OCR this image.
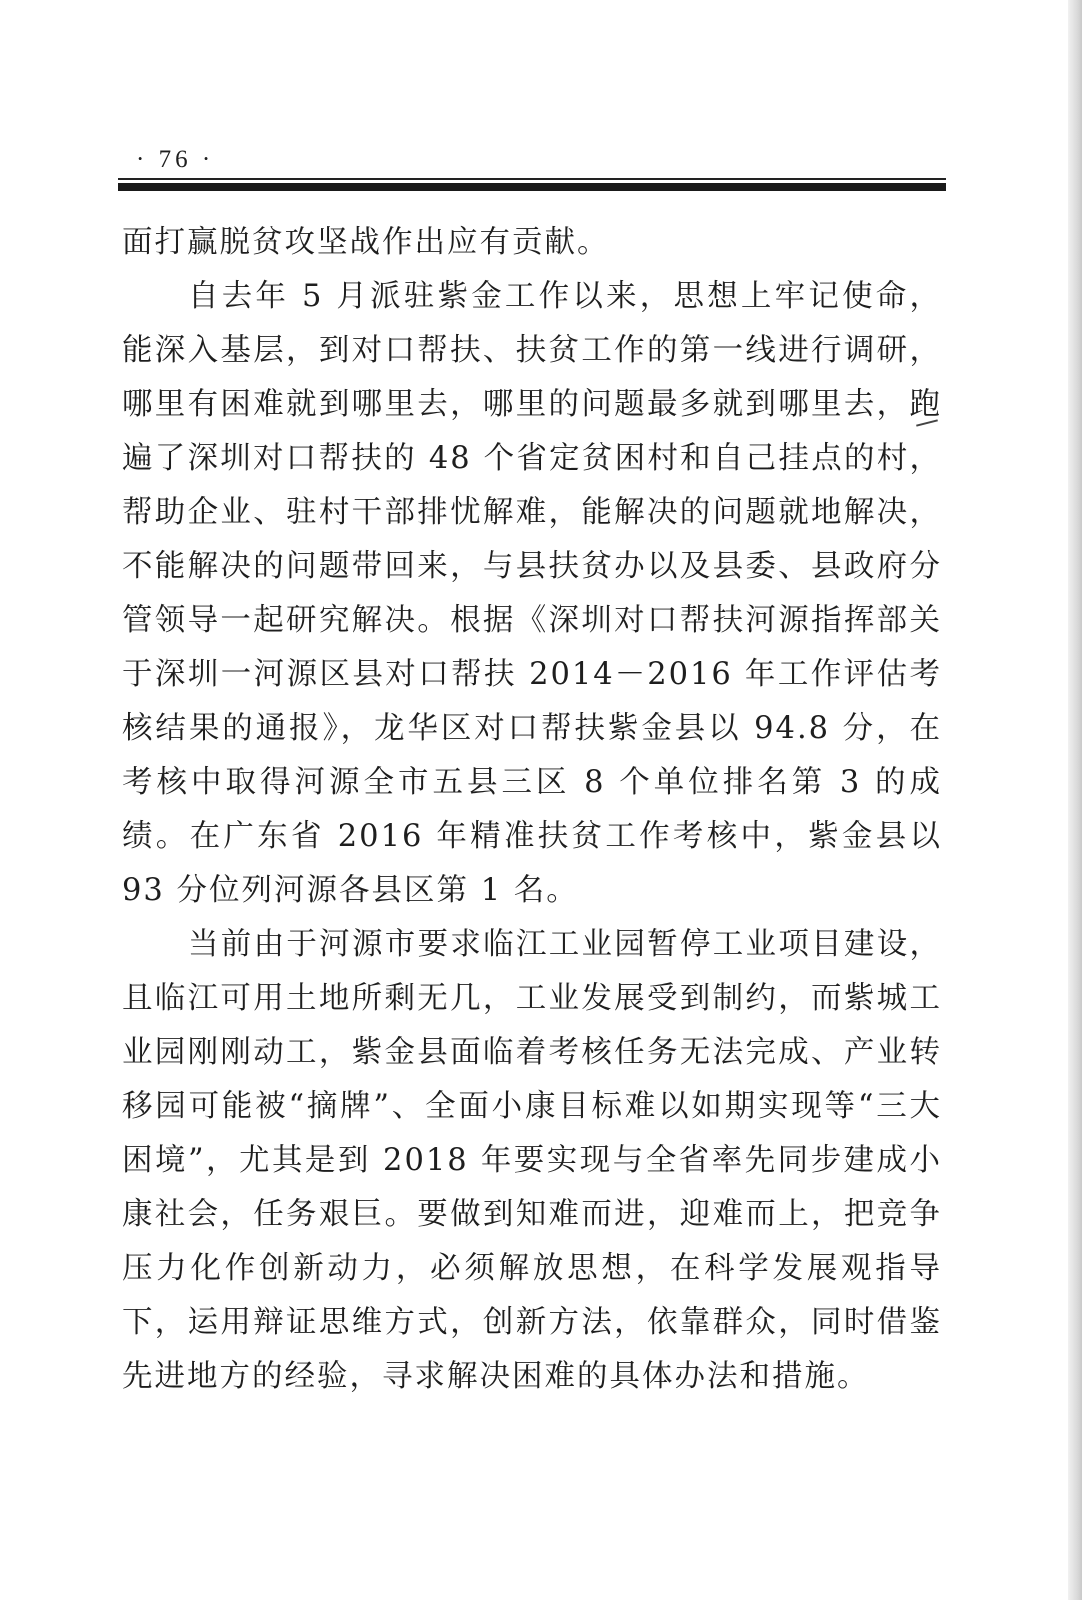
· 76 ·

面打赢脱贫攻坚战作出应有贡献。

自去年 5 月派驻紫金工作以来，思想上牢记使命，能深入基层，到对口帮扶、扶贫工作的第一线进行调研，哪里有困难就到哪里去，哪里的问题最多就到哪里去，跑遍了深圳对口帮扶的 48 个省定贫困村和自己挂点的村，帮助企业、驻村干部排忧解难，能解决的问题就地解决，不能解决的问题带回来，与县扶贫办以及县委、县政府分管领导一起研究解决。根据《深圳对口帮扶河源指挥部关于深圳一河源区县对口帮扶 2014－2016 年工作评估考核结果的通报》，龙华区对口帮扶紫金县以 94.8 分，在考核中取得河源全市五县三区 8 个单位排名第 3 的成绩。在广东省 2016 年精准扶贫工作考核中，紫金县以 93 分位列河源各县区第 1 名。

当前由于河源市要求临江工业园暂停工业项目建设，且临江可用土地所剩无几，工业发展受到制约，而紫城工业园刚刚动工，紫金县面临着考核任务无法完成、产业转移园可能被“摘牌”、全面小康目标难以如期实现等“三大困境”，尤其是到 2018 年要实现与全省率先同步建成小康社会，任务艰巨。要做到知难而进，迎难而上，把竞争压力化作创新动力，必须解放思想，在科学发展观指导下，运用辩证思维方式，创新方法，依靠群众，同时借鉴先进地方的经验，寻求解决困难的具体办法和措施。
